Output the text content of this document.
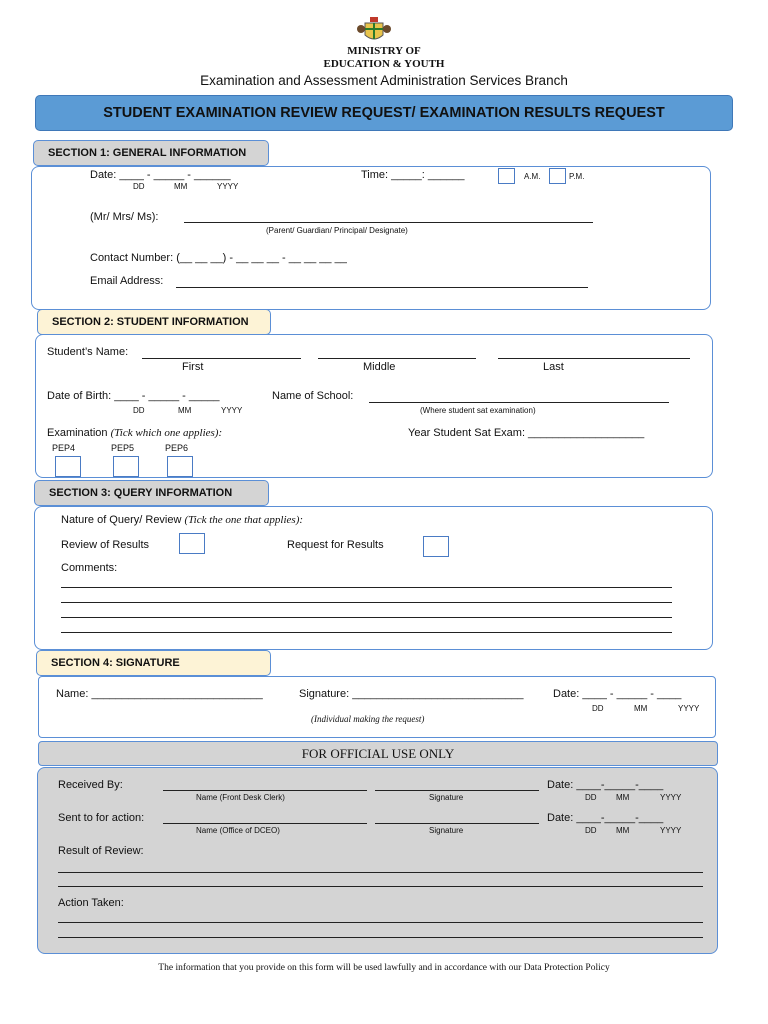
MINISTRY OF
EDUCATION & YOUTH
Examination and Assessment Administration Services Branch
STUDENT EXAMINATION REVIEW REQUEST/ EXAMINATION RESULTS REQUEST
SECTION 1: GENERAL INFORMATION
Date: ____ - _____ - ______
DD	MM	YYYY
Time: _____: ______	A.M.	P.M.
(Mr/ Mrs/ Ms):
(Parent/ Guardian/ Principal/ Designate)
Contact Number: (__ __ __) - __ __ __ - __ __ __ __
Email Address:
SECTION 2: STUDENT INFORMATION
Student’s Name:
First	Middle	Last
Date of Birth: ____ - _____ - _____
DD	MM	YYYY
Name of School:
(Where student sat examination)
Examination (Tick which one applies):	Year Student Sat Exam: ___________________
PEP4	PEP5	PEP6
SECTION 3: QUERY INFORMATION
Nature of Query/ Review (Tick the one that applies):
Review of Results	Request for Results
Comments:
SECTION 4: SIGNATURE
Name: ____________________________	Signature: ____________________________	Date: ____ - _____ - ____
DD	MM	YYYY
(Individual making the request)
FOR OFFICIAL USE ONLY
Received By:
Name (Front Desk Clerk)	Signature
Date: ____-_____-____
DD MM	YYYY
Sent to for action:
Name (Office of DCEO)	Signature
Date: ____-_____-____
DD MM	YYYY
Result of Review:
Action Taken:
The information that you provide on this form will be used lawfully and in accordance with our Data Protection Policy
